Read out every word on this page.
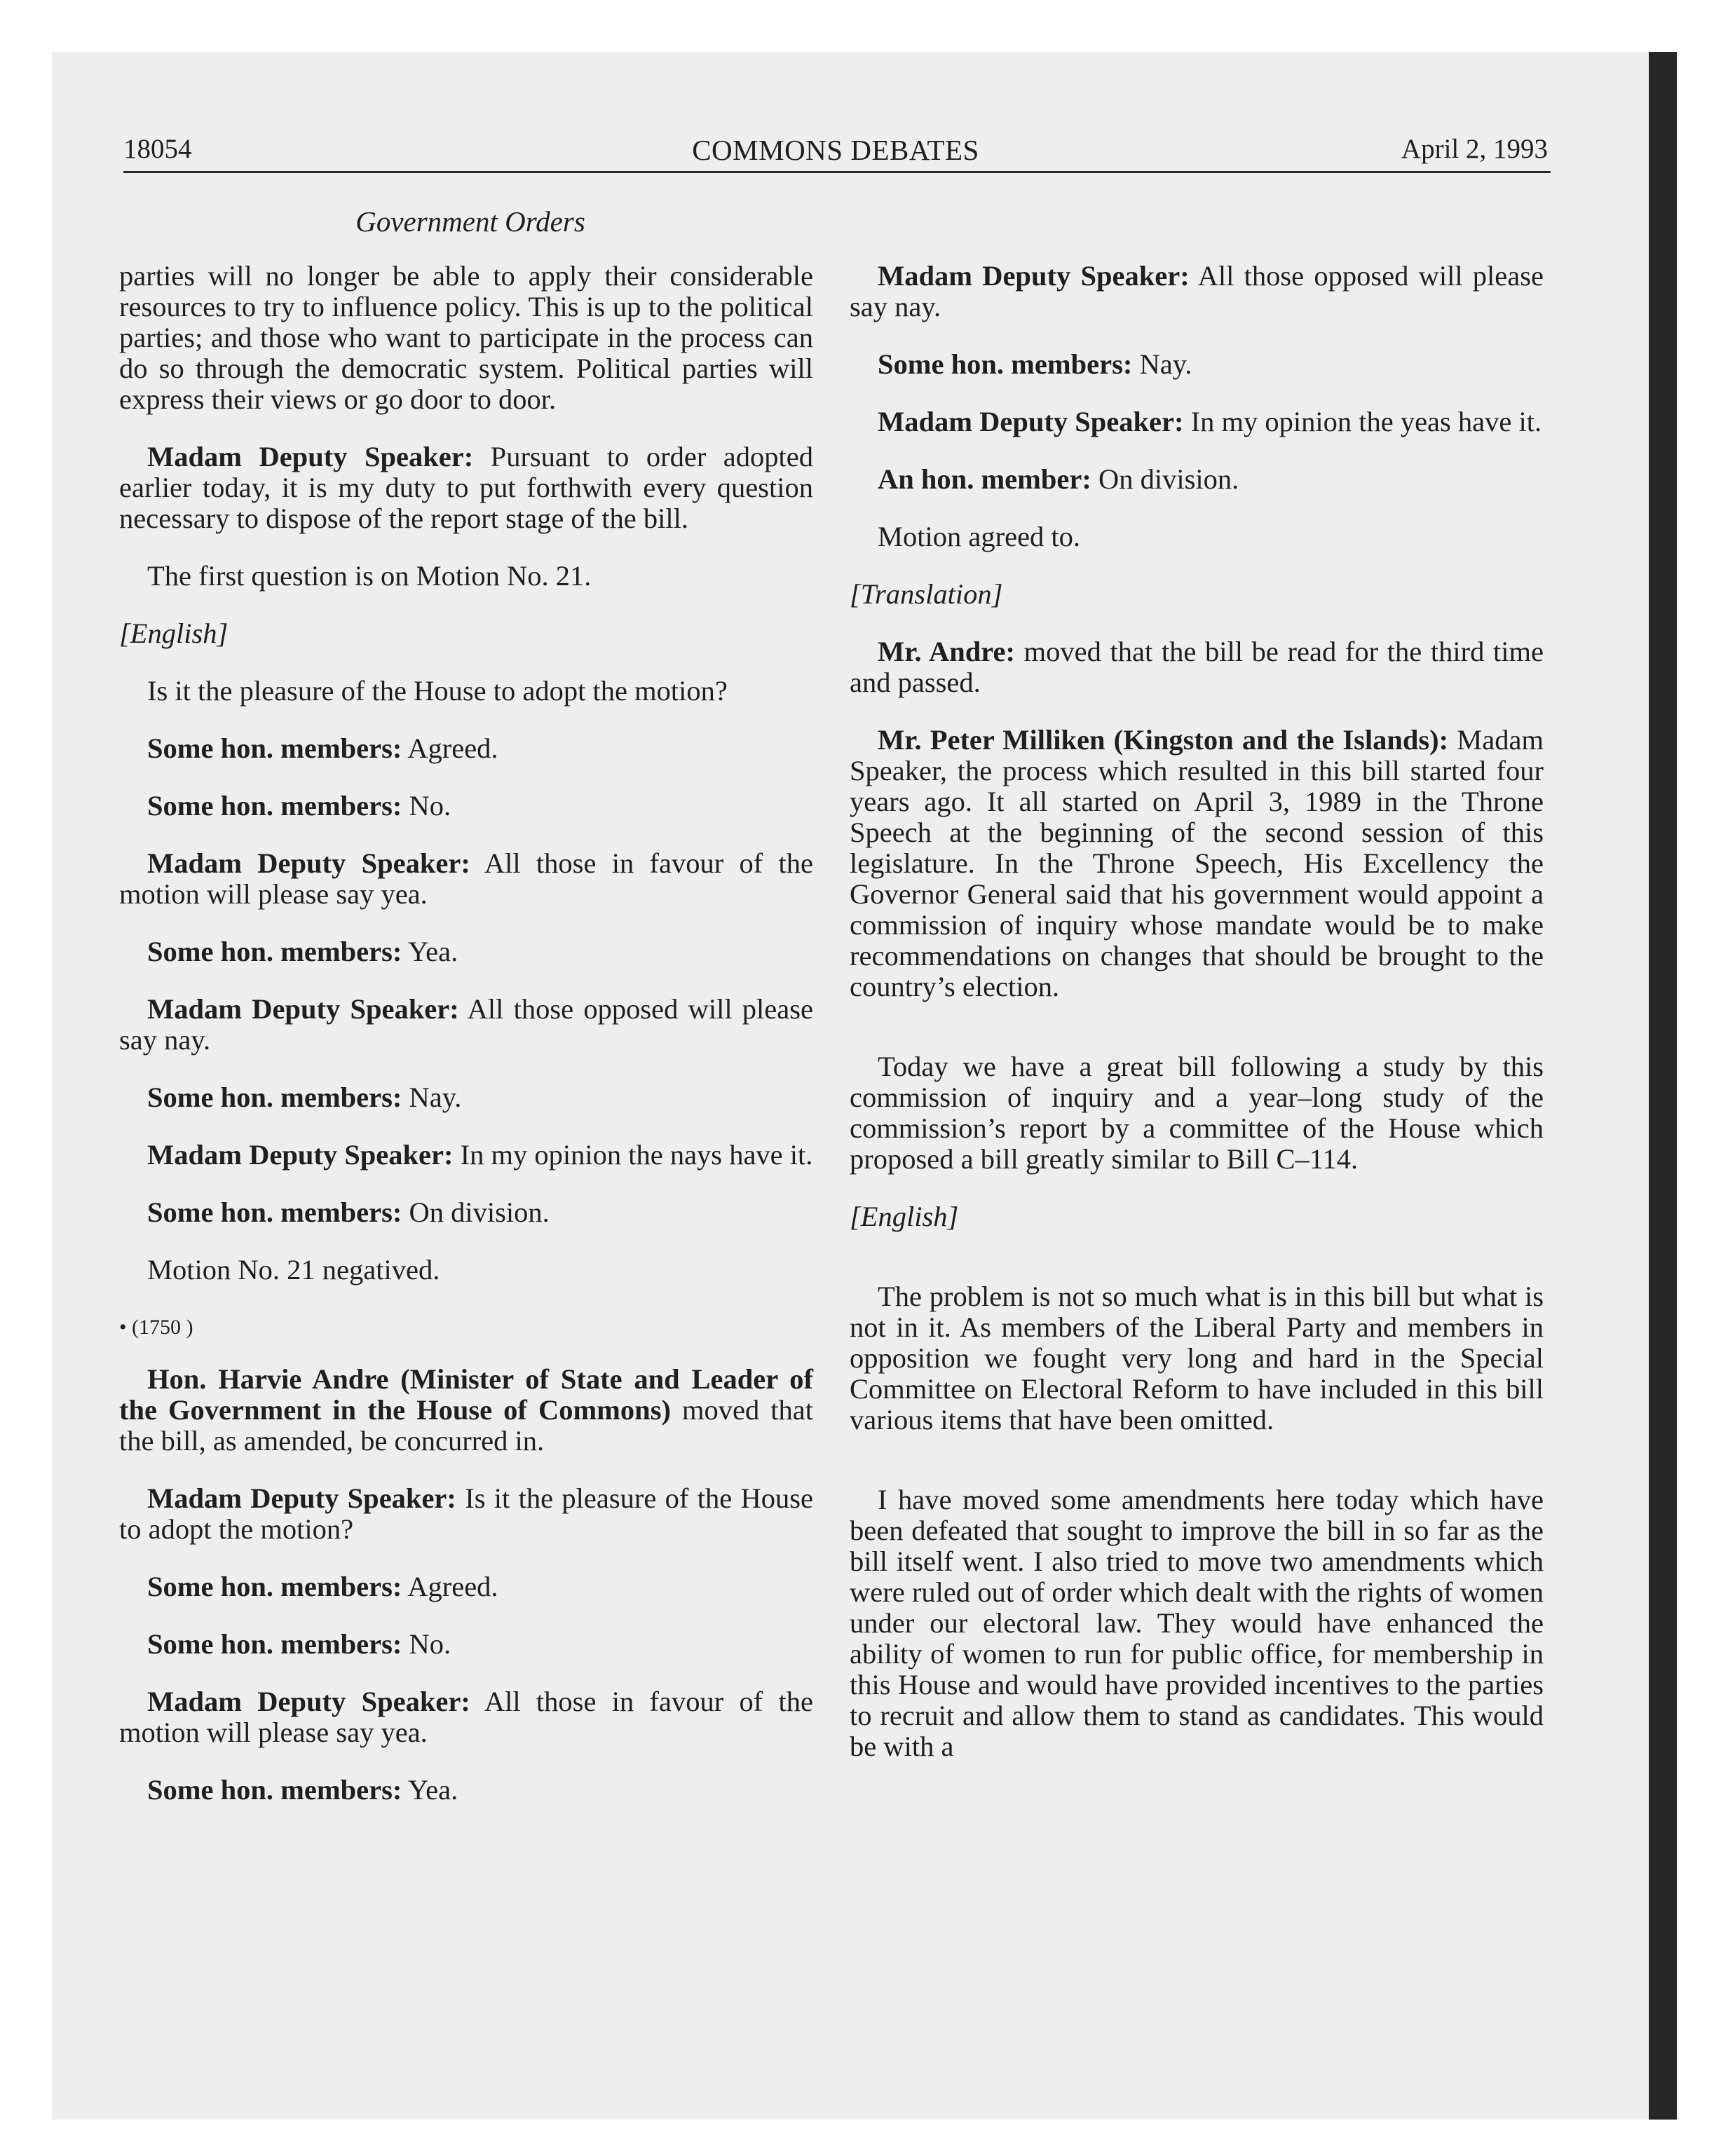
18054	COMMONS DEBATES	April 2, 1993
Government Orders

parties will no longer be able to apply their considerable resources to try to influence policy. This is up to the political parties; and those who want to participate in the process can do so through the democratic system. Political parties will express their views or go door to door.

Madam Deputy Speaker: Pursuant to order adopted earlier today, it is my duty to put forthwith every question necessary to dispose of the report stage of the bill.

The first question is on Motion No. 21.

[English]

Is it the pleasure of the House to adopt the motion?

Some hon. members: Agreed.

Some hon. members: No.

Madam Deputy Speaker: All those in favour of the motion will please say yea.

Some hon. members: Yea.

Madam Deputy Speaker: All those opposed will please say nay.

Some hon. members: Nay.

Madam Deputy Speaker: In my opinion the nays have it.

Some hon. members: On division.

Motion No. 21 negatived.

• (1750 )

Hon. Harvie Andre (Minister of State and Leader of the Government in the House of Commons) moved that the bill, as amended, be concurred in.

Madam Deputy Speaker: Is it the pleasure of the House to adopt the motion?

Some hon. members: Agreed.

Some hon. members: No.

Madam Deputy Speaker: All those in favour of the motion will please say yea.

Some hon. members: Yea.

Madam Deputy Speaker: All those opposed will please say nay.

Some hon. members: Nay.

Madam Deputy Speaker: In my opinion the yeas have it.

An hon. member: On division.

Motion agreed to.

[Translation]

Mr. Andre: moved that the bill be read for the third time and passed.

Mr. Peter Milliken (Kingston and the Islands): Madam Speaker, the process which resulted in this bill started four years ago. It all started on April 3, 1989 in the Throne Speech at the beginning of the second session of this legislature. In the Throne Speech, His Excellency the Governor General said that his government would appoint a commission of inquiry whose mandate would be to make recommendations on changes that should be brought to the country’s election.

Today we have a great bill following a study by this commission of inquiry and a year–long study of the commission’s report by a committee of the House which proposed a bill greatly similar to Bill C–114.

[English]

The problem is not so much what is in this bill but what is not in it. As members of the Liberal Party and members in opposition we fought very long and hard in the Special Committee on Electoral Reform to have included in this bill various items that have been omitted.

I have moved some amendments here today which have been defeated that sought to improve the bill in so far as the bill itself went. I also tried to move two amendments which were ruled out of order which dealt with the rights of women under our electoral law. They would have enhanced the ability of women to run for public office, for membership in this House and would have provided incentives to the parties to recruit and allow them to stand as candidates. This would be with a
